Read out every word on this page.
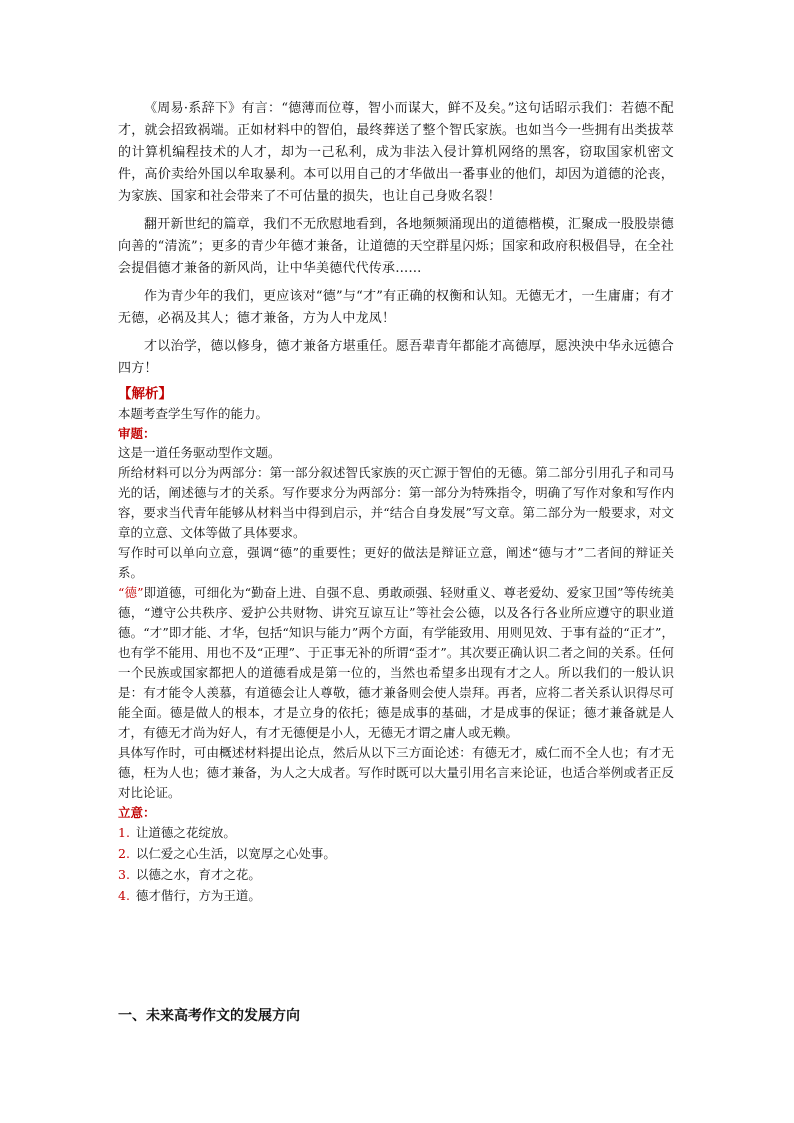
《周易·系辞下》有言：“德薄而位尊，智小而谋大，鲜不及矣。”这句话昭示我们：若德不配才，就会招致祸端。正如材料中的智伯，最终葬送了整个智氏家族。也如当今一些拥有出类拔萃的计算机编程技术的人才，却为一己私利，成为非法入侵计算机网络的黑客，窃取国家机密文件，高价卖给外国以牟取暴利。本可以用自己的才华做出一番事业的他们，却因为道德的沦丧，为家族、国家和社会带来了不可估量的损失，也让自己身败名裂！

翻开新世纪的篇章，我们不无欣慰地看到，各地频频涌现出的道德楷模，汇聚成一股股崇德向善的“清流”；更多的青少年德才兼备，让道德的天空群星闪烁；国家和政府积极倡导，在全社会提倡德才兼备的新风尚，让中华美德代代传承……

作为青少年的我们，更应该对“德”与“才”有正确的权衡和认知。无德无才，一生庸庸；有才无德，必祸及其人；德才兼备，方为人中龙凤！

才以治学，德以修身，德才兼备方堪重任。愿吾辈青年都能才高德厚，愿泱泱中华永远德合四方！

【解析】

本题考查学生写作的能力。

审题：

这是一道任务驱动型作文题。

所给材料可以分为两部分：第一部分叙述智氏家族的灭亡源于智伯的无德。第二部分引用孔子和司马光的话，阐述德与才的关系。写作要求分为两部分：第一部分为特殊指令，明确了写作对象和写作内容，要求当代青年能够从材料当中得到启示，并“结合自身发展”写文章。第二部分为一般要求，对文章的立意、文体等做了具体要求。

写作时可以单向立意，强调“德”的重要性；更好的做法是辩证立意，阐述“德与才”二者间的辩证关系。

“德”即道德，可细化为“勤奋上进、自强不息、勇敢顽强、轻财重义、尊老爱幼、爱家卫国”等传统美德，“遵守公共秩序、爱护公共财物、讲究互谅互让”等社会公德，以及各行各业所应遵守的职业道德。“才”即才能、才华，包括“知识与能力”两个方面，有学能致用、用则见效、于事有益的“正才”，也有学不能用、用也不及“正理”、于正事无补的所谓“歪才”。其次要正确认识二者之间的关系。任何一个民族或国家都把人的道德看成是第一位的，当然也希望多出现有才之人。所以我们的一般认识是：有才能令人羡慕，有道德会让人尊敬，德才兼备则会使人崇拜。再者，应将二者关系认识得尽可能全面。德是做人的根本，才是立身的依托；德是成事的基础，才是成事的保证；德才兼备就是人才，有德无才尚为好人，有才无德便是小人，无德无才谓之庸人或无赖。

具体写作时，可由概述材料提出论点，然后从以下三方面论述：有德无才，威仁而不全人也；有才无德，枉为人也；德才兼备，为人之大成者。写作时既可以大量引用名言来论证，也适合举例或者正反对比论证。

立意：
1. 让道德之花绽放。
2. 以仁爱之心生活，以宽厚之心处事。
3. 以德之水，育才之花。
4. 德才偕行，方为王道。
一、未来高考作文的发展方向
